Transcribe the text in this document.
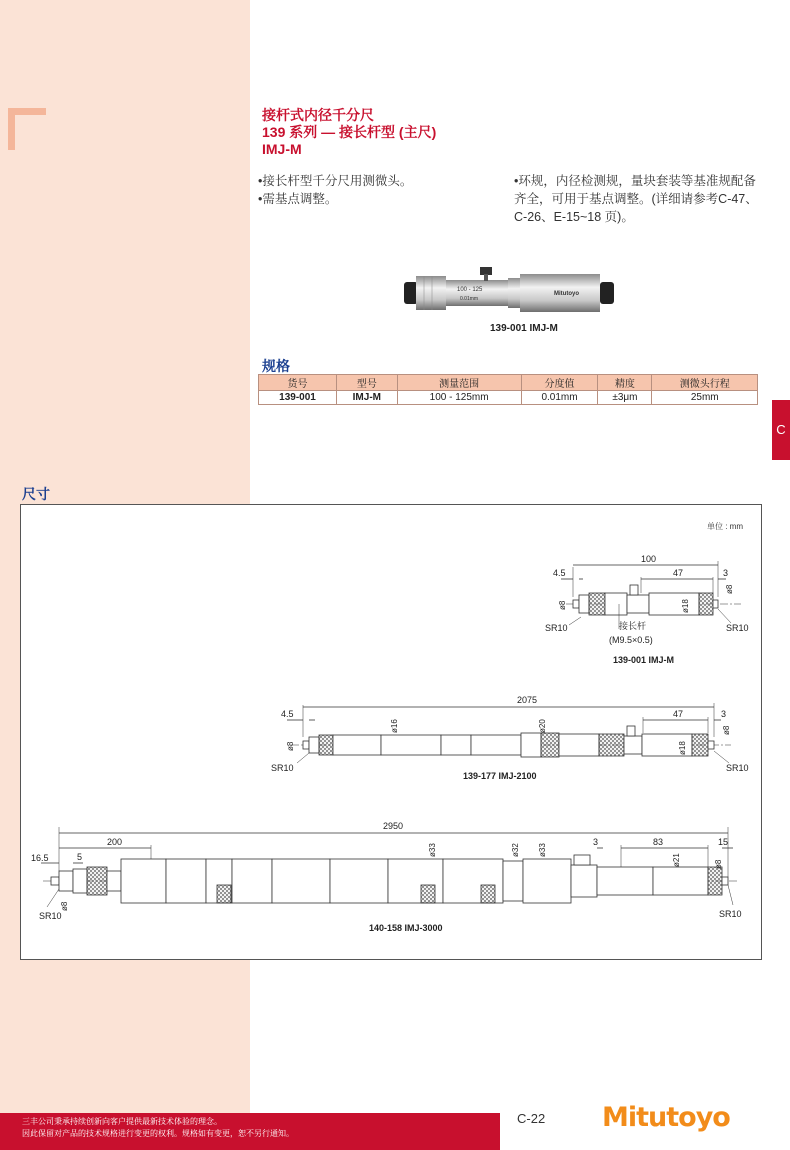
接杆式内径千分尺
139 系列 — 接长杆型 (主尺)
IMJ-M

•接长杆型千分尺用测微头。

•需基点调整。

•环规，内径检测规，量块套装等基准规配备齐全，可用于基点调整。(详细请参考C-47、C-26、E-15~18 页)。

100 - 125
0.01mm
Mitutoyo
139-001 IMJ-M
规格
货号	型号	测量范围	分度值	精度	测微头行程
139-001	IMJ-M	100 - 125mm	0.01mm	±3μm	25mm
C
尺寸
单位 : mm
100
4.5	47	3
ø8
ø8
ø18
SR10	SR10
接长杆
(M9.5×0.5)
139-001 IMJ-M
2075
4.5	47	3
ø8
ø16	ø20
ø18
ø8
SR10	SR10
139-177 IMJ-2100
2950
200
16.5	5
3	83	15
ø33	ø32 ø33
ø21	ø8
ø8
SR10	SR10
140-158 IMJ-3000
三丰公司秉承持续创新向客户提供最新技术体验的理念。
因此保留对产品的技术规格进行变更的权利。规格如有变更，恕不另行通知。
C-22 Mitutoyo
